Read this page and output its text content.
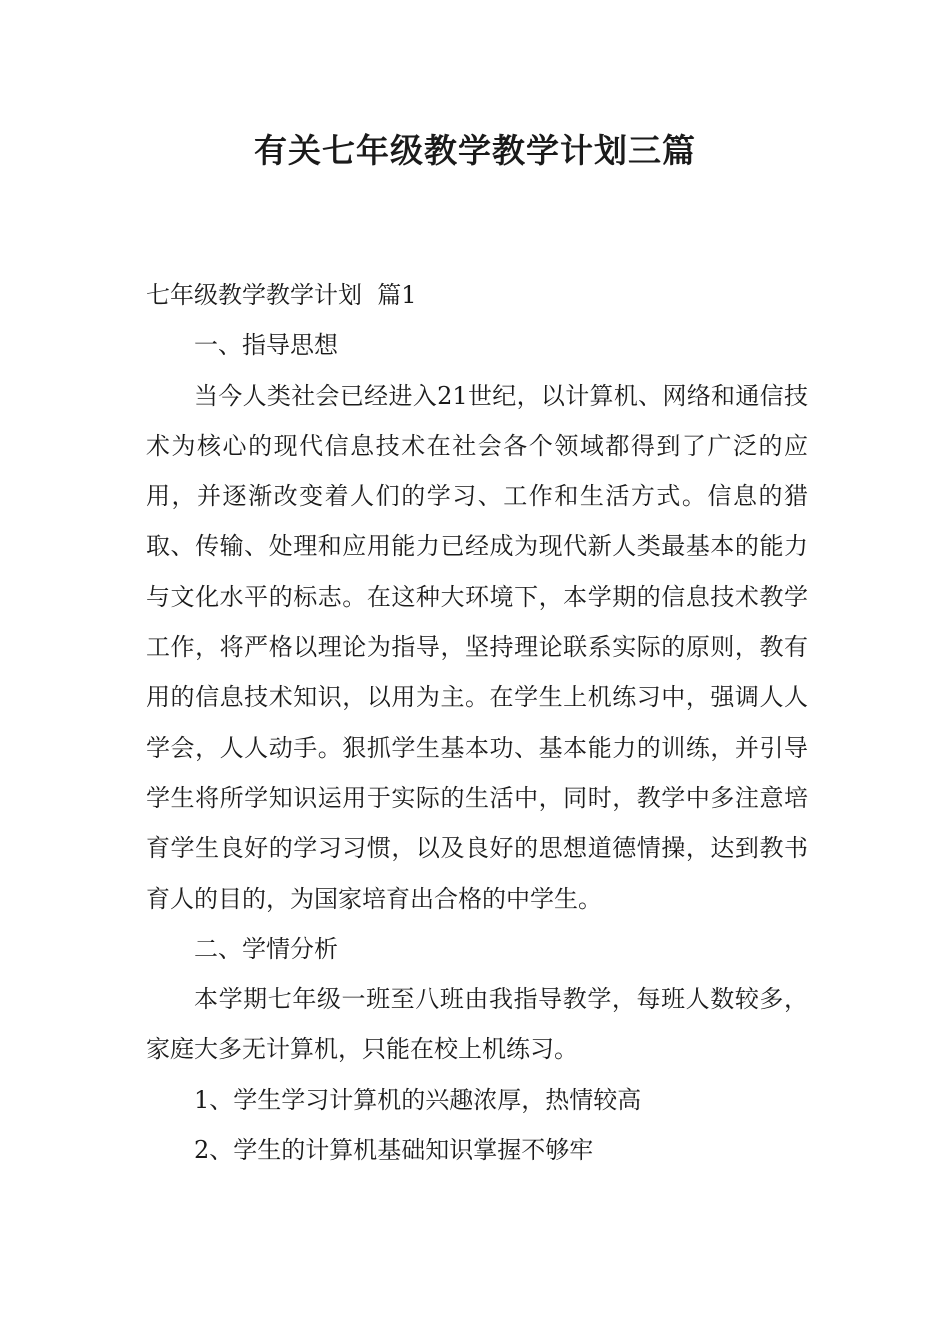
有关七年级教学教学计划三篇

七年级教学教学计划  篇1

一、指导思想

当今人类社会已经进入21世纪，以计算机、网络和通信技术为核心的现代信息技术在社会各个领域都得到了广泛的应用，并逐渐改变着人们的学习、工作和生活方式。信息的猎取、传输、处理和应用能力已经成为现代新人类最基本的能力与文化水平的标志。在这种大环境下，本学期的信息技术教学工作，将严格以理论为指导，坚持理论联系实际的原则，教有用的信息技术知识，以用为主。在学生上机练习中，强调人人学会，人人动手。狠抓学生基本功、基本能力的训练，并引导学生将所学知识运用于实际的生活中，同时，教学中多注意培育学生良好的学习习惯，以及良好的思想道德情操，达到教书育人的目的，为国家培育出合格的中学生。

二、学情分析

本学期七年级一班至八班由我指导教学，每班人数较多，家庭大多无计算机，只能在校上机练习。

1、学生学习计算机的兴趣浓厚，热情较高

2、学生的计算机基础知识掌握不够牢
